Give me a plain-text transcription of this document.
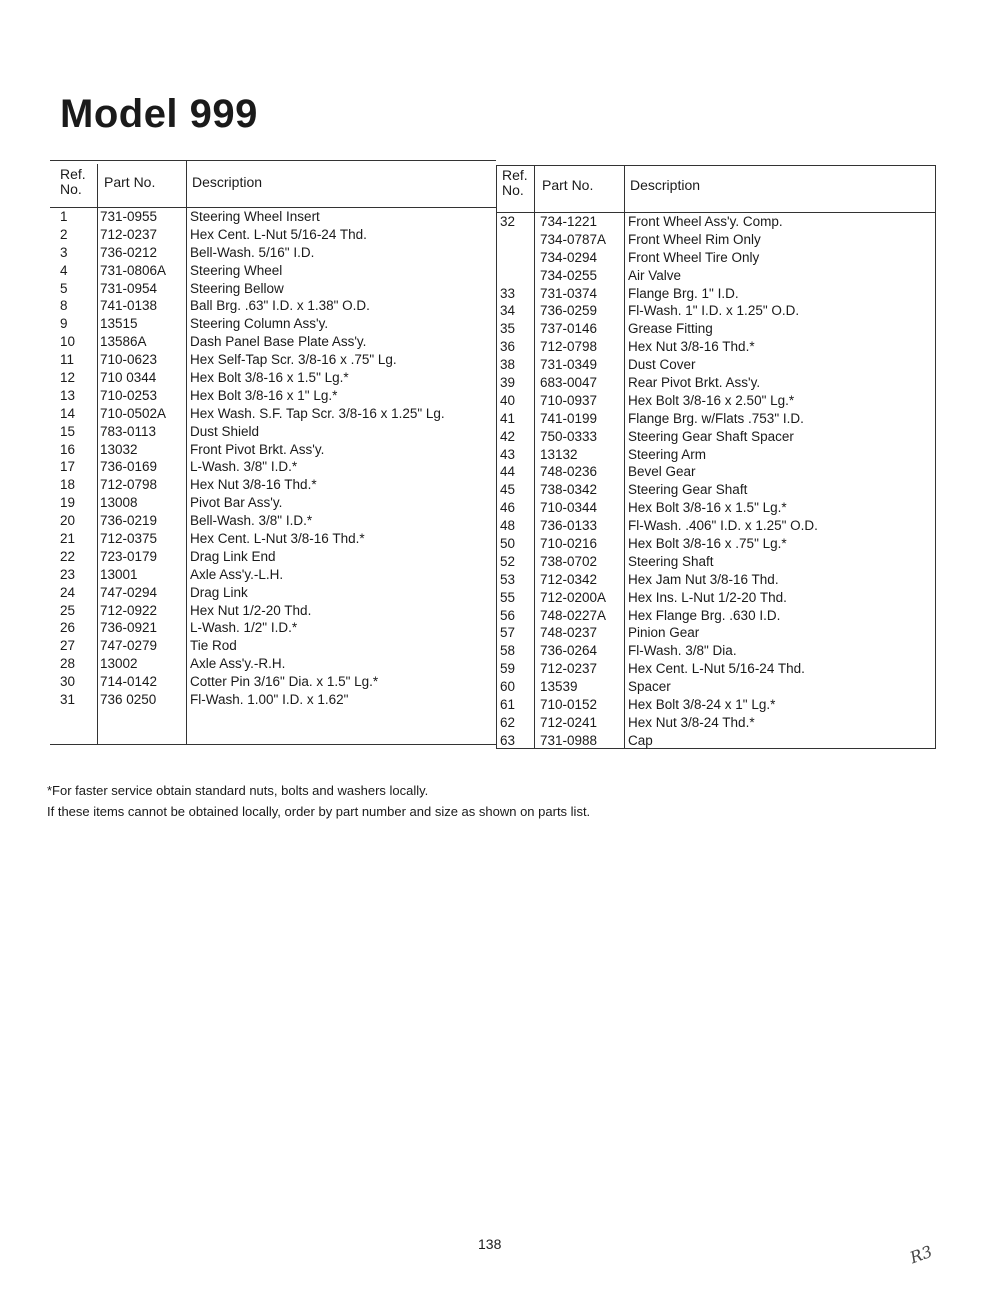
Model 999
Ref.
No. Part No.	Description
1 731-0955 Steering Wheel Insert
2 712-0237 Hex Cent. L-Nut 5/16-24 Thd.
3 736-0212 Bell-Wash. 5/16" I.D.
4 731-0806A Steering Wheel
5 731-0954 Steering Bellow
8 741-0138 Ball Brg. .63" I.D. x 1.38" O.D.
9 13515	Steering Column Ass'y.
10 13586A	Dash Panel Base Plate Ass'y.
11 710-0623 Hex Self-Tap Scr. 3/8-16 x .75" Lg.
12 710 0344 Hex Bolt 3/8-16 x 1.5" Lg.*
13 710-0253 Hex Bolt 3/8-16 x 1" Lg.*
14 710-0502A Hex Wash. S.F. Tap Scr. 3/8-16 x 1.25" Lg.
15 783-0113	Dust Shield
16 13032	Front Pivot Brkt. Ass'y.
17 736-0169 L-Wash. 3/8" I.D.*
18 712-0798 Hex Nut 3/8-16 Thd.*
19 13008	Pivot Bar Ass'y.
20 736-0219 Bell-Wash. 3/8" I.D.*
21 712-0375 Hex Cent. L-Nut 3/8-16 Thd.*
22 723-0179 Drag Link End
23 13001	Axle Ass'y.-L.H.
24 747-0294 Drag Link
25 712-0922 Hex Nut 1/2-20 Thd.
26 736-0921 L-Wash. 1/2" I.D.*
27 747-0279 Tie Rod
28 13002	Axle Ass'y.-R.H.
30 714-0142 Cotter Pin 3/16" Dia. x 1.5" Lg.*
31 736 0250 Fl-Wash. 1.00" I.D. x 1.62"
Ref.
No. Part No.	Description
32 734-1221 Front Wheel Ass'y. Comp.
734-0787A Front Wheel Rim Only
734-0294 Front Wheel Tire Only
734-0255 Air Valve
33 731-0374 Flange Brg. 1" I.D.
34 736-0259 Fl-Wash. 1" I.D. x 1.25" O.D.
35 737-0146 Grease Fitting
36 712-0798 Hex Nut 3/8-16 Thd.*
38 731-0349 Dust Cover
39 683-0047 Rear Pivot Brkt. Ass'y.
40 710-0937 Hex Bolt 3/8-16 x 2.50" Lg.*
41 741-0199 Flange Brg. w/Flats .753" I.D.
42 750-0333 Steering Gear Shaft Spacer
43 13132	Steering Arm
44 748-0236 Bevel Gear
45 738-0342 Steering Gear Shaft
46 710-0344 Hex Bolt 3/8-16 x 1.5" Lg.*
48 736-0133 Fl-Wash. .406" I.D. x 1.25" O.D.
50 710-0216 Hex Bolt 3/8-16 x .75" Lg.*
52 738-0702 Steering Shaft
53 712-0342 Hex Jam Nut 3/8-16 Thd.
55 712-0200A Hex Ins. L-Nut 1/2-20 Thd.
56 748-0227A Hex Flange Brg. .630 I.D.
57 748-0237 Pinion Gear
58 736-0264 Fl-Wash. 3/8" Dia.
59 712-0237 Hex Cent. L-Nut 5/16-24 Thd.
60 13539	Spacer
61 710-0152 Hex Bolt 3/8-24 x 1" Lg.*
62 712-0241 Hex Nut 3/8-24 Thd.*
63 731-0988 Cap
*For faster service obtain standard nuts, bolts and washers locally.
If these items cannot be obtained locally, order by part number and size as shown on parts list.
138	R3
